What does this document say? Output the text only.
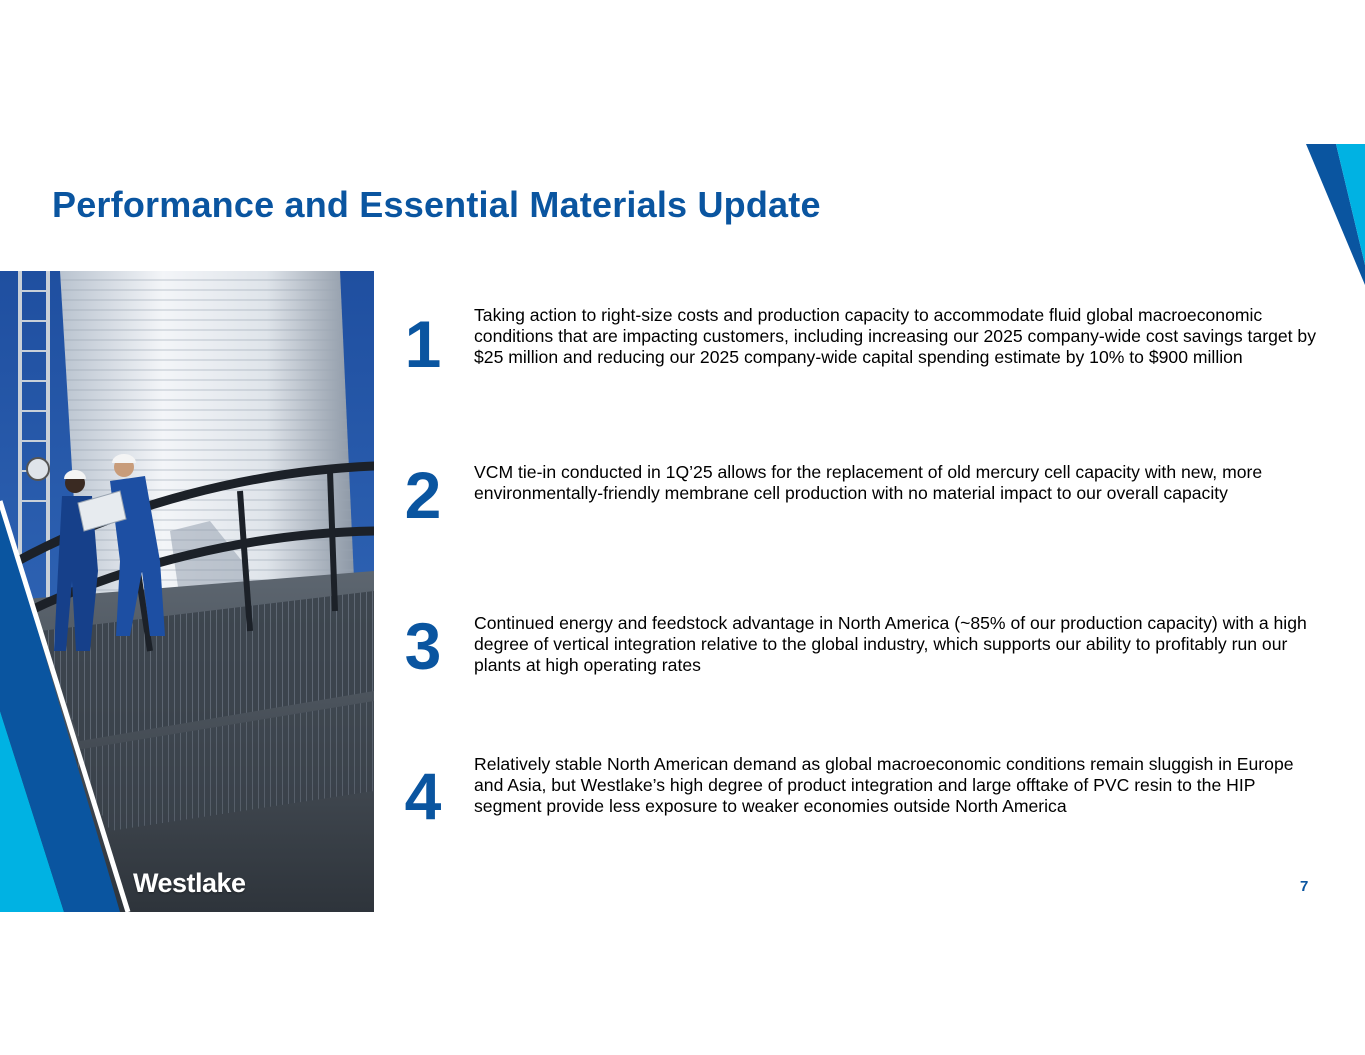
Performance and Essential Materials Update
Westlake
1	Taking action to right-size costs and production capacity to accommodate fluid global macroeconomic conditions that are impacting customers, including increasing our 2025 company-wide cost savings target by $25 million and reducing our 2025 company-wide capital spending estimate by 10% to $900 million
2	VCM tie-in conducted in 1Q’25 allows for the replacement of old mercury cell capacity with new, more environmentally-friendly membrane cell production with no material impact to our overall capacity
3	Continued energy and feedstock advantage in North America (~85% of our production capacity) with a high degree of vertical integration relative to the global industry, which supports our ability to profitably run our plants at high operating rates
4	Relatively stable North American demand as global macroeconomic conditions remain sluggish in Europe and Asia, but Westlake’s high degree of product integration and large offtake of PVC resin to the HIP segment provide less exposure to weaker economies outside North America
7
